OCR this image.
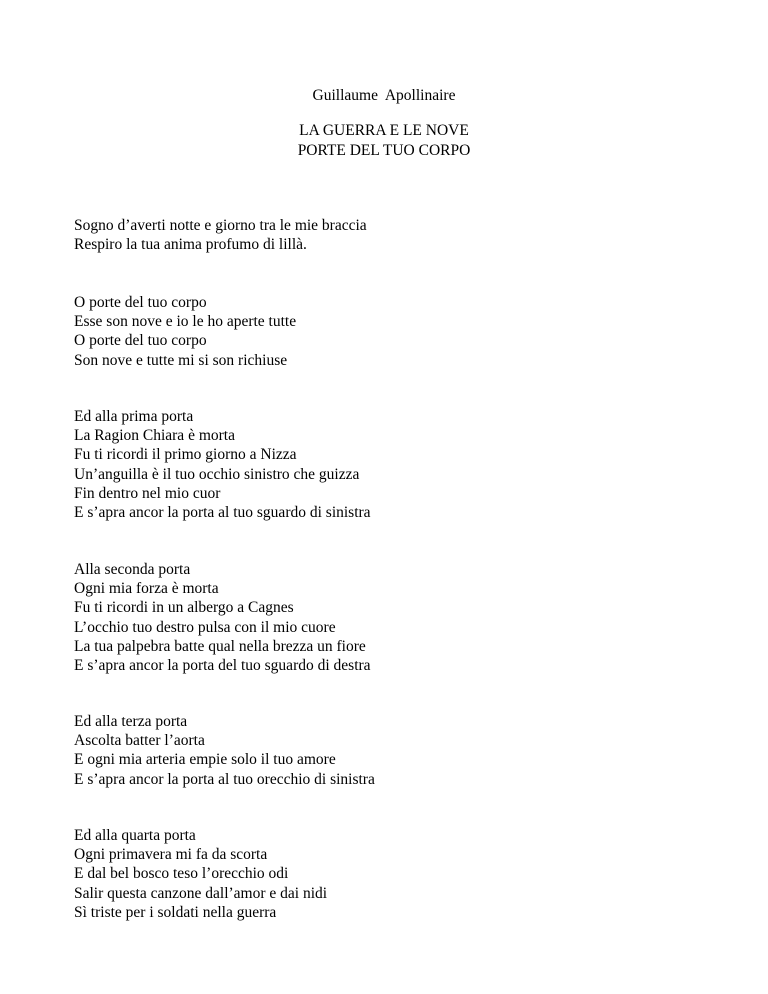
Guillaume  Apollinaire
LA GUERRA E LE NOVE
PORTE DEL TUO CORPO
Sogno d’averti notte e giorno tra le mie braccia
Respiro la tua anima profumo di lillà.
O porte del tuo corpo
Esse son nove e io le ho aperte tutte
O porte del tuo corpo
Son nove e tutte mi si son richiuse
Ed alla prima porta
La Ragion Chiara è morta
Fu ti ricordi il primo giorno a Nizza
Un’anguilla è il tuo occhio sinistro che guizza
Fin dentro nel mio cuor
E s’apra ancor la porta al tuo sguardo di sinistra
Alla seconda porta
Ogni mia forza è morta
Fu ti ricordi in un albergo a Cagnes
L’occhio tuo destro pulsa con il mio cuore
La tua palpebra batte qual nella brezza un fiore
E s’apra ancor la porta del tuo sguardo di destra
Ed alla terza porta
Ascolta batter l’aorta
E ogni mia arteria empie solo il tuo amore
E s’apra ancor la porta al tuo orecchio di sinistra
Ed alla quarta porta
Ogni primavera mi fa da scorta
E dal bel bosco teso l’orecchio odi
Salir questa canzone dall’amor e dai nidi
Sì triste per i soldati nella guerra
